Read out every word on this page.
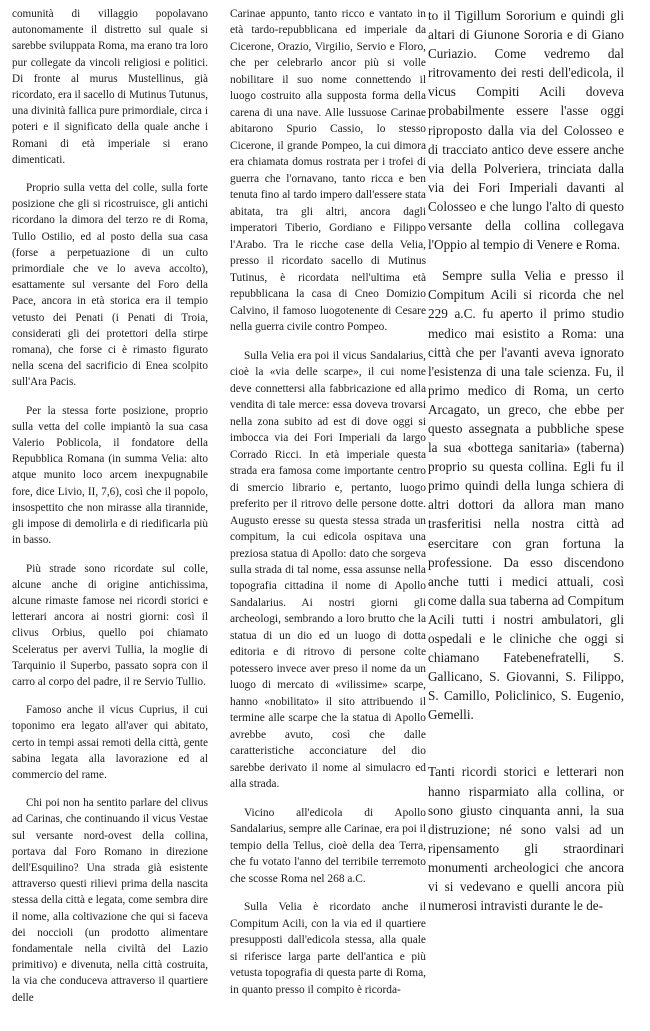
comunità di villaggio popolavano autonomamente il distretto sul quale si sarebbe sviluppata Roma, ma erano tra loro pur collegate da vincoli religiosi e politici. Di fronte al murus Mustellinus, già ricordato, era il sacello di Mutinus Tutunus, una divinità fallica pure primordiale, circa i poteri e il significato della quale anche i Romani di età imperiale si erano dimenticati.

Proprio sulla vetta del colle, sulla forte posizione che gli si ricostruisce, gli antichi ricordano la dimora del terzo re di Roma, Tullo Ostilio, ed al posto della sua casa (forse a perpetuazione di un culto primordiale che ve lo aveva accolto), esattamente sul versante del Foro della Pace, ancora in età storica era il tempio vetusto dei Penati (i Penati di Troia, considerati gli dei protettori della stirpe romana), che forse ci è rimasto figurato nella scena del sacrificio di Enea scolpito sull'Ara Pacis.

Per la stessa forte posizione, proprio sulla vetta del colle impiantò la sua casa Valerio Poblicola, il fondatore della Repubblica Romana (in summa Velia: alto atque munito loco arcem inexpugnabile fore, dice Livio, II, 7,6), così che il popolo, insospettito che non mirasse alla tirannide, gli impose di demolirla e di riedificarla più in basso.

Più strade sono ricordate sul colle, alcune anche di origine antichissima, alcune rimaste famose nei ricordi storici e letterari ancora ai nostri giorni: così il clivus Orbius, quello poi chiamato Sceleratus per avervi Tullia, la moglie di Tarquinio il Superbo, passato sopra con il carro al corpo del padre, il re Servio Tullio.

Famoso anche il vicus Cuprius, il cui toponimo era legato all'aver qui abitato, certo in tempi assai remoti della città, gente sabina legata alla lavorazione ed al commercio del rame.

Chi poi non ha sentito parlare del clivus ad Carinas, che continuando il vicus Vestae sul versante nord-ovest della collina, portava dal Foro Romano in direzione dell'Esquilino? Una strada già esistente attraverso questi rilievi prima della nascita stessa della città e legata, come sembra dire il nome, alla coltivazione che qui si faceva dei noccioli (un prodotto alimentare fondamentale nella civiltà del Lazio primitivo) e divenuta, nella città costruita, la via che conduceva attraverso il quartiere delle

Carinae appunto, tanto ricco e vantato in età tardo-repubblicana ed imperiale da Cicerone, Orazio, Virgilio, Servio e Floro, che per celebrarlo ancor più si volle nobilitare il suo nome connettendo il luogo costruito alla supposta forma della carena di una nave. Alle lussuose Carinae abitarono Spurio Cassio, lo stesso Cicerone, il grande Pompeo, la cui dimora era chiamata domus rostrata per i trofei di guerra che l'ornavano, tanto ricca e ben tenuta fino al tardo impero dall'essere stata abitata, tra gli altri, ancora dagli imperatori Tiberio, Gordiano e Filippo l'Arabo. Tra le ricche case della Velia, presso il ricordato sacello di Mutinus Tutinus, è ricordata nell'ultima età repubblicana la casa di Cneo Domizio Calvino, il famoso luogotenente di Cesare nella guerra civile contro Pompeo.

Sulla Velia era poi il vicus Sandalarius, cioè la «via delle scarpe», il cui nome deve connettersi alla fabbricazione ed alla vendita di tale merce: essa doveva trovarsi nella zona subito ad est di dove oggi si imbocca via dei Fori Imperiali da largo Corrado Ricci. In età imperiale questa strada era famosa come importante centro di smercio librario e, pertanto, luogo preferito per il ritrovo delle persone dotte. Augusto eresse su questa stessa strada un compitum, la cui edicola ospitava una preziosa statua di Apollo: dato che sorgeva sulla strada di tal nome, essa assunse nella topografia cittadina il nome di Apollo Sandalarius. Ai nostri giorni gli archeologi, sembrando a loro brutto che la statua di un dio ed un luogo di dotta editoria e di ritrovo di persone colte potessero invece aver preso il nome da un luogo di mercato di «vilissime» scarpe, hanno «nobilitato» il sito attribuendo il termine alle scarpe che la statua di Apollo avrebbe avuto, così che dalle caratteristiche acconciature del dio sarebbe derivato il nome al simulacro ed alla strada.

Vicino all'edicola di Apollo Sandalarius, sempre alle Carinae, era poi il tempio della Tellus, cioè della dea Terra, che fu votato l'anno del terribile terremoto che scosse Roma nel 268 a.C.

Sulla Velia è ricordato anche il Compitum Acili, con la via ed il quartiere presupposti dall'edicola stessa, alla quale si riferisce larga parte dell'antica e più vetusta topografia di questa parte di Roma, in quanto presso il compito è ricorda-

to il Tigillum Sororium e quindi gli altari di Giunone Sororia e di Giano Curiazio. Come vedremo dal ritrovamento dei resti dell'edicola, il vicus Compiti Acili doveva probabilmente essere l'asse oggi riproposto dalla via del Colosseo e di tracciato antico deve essere anche via della Polveriera, trinciata dalla via dei Fori Imperiali davanti al Colosseo e che lungo l'alto di questo versante della collina collegava l'Oppio al tempio di Venere e Roma.

Sempre sulla Velia e presso il Compitum Acili si ricorda che nel 229 a.C. fu aperto il primo studio medico mai esistito a Roma: una città che per l'avanti aveva ignorato l'esistenza di una tale scienza. Fu, il primo medico di Roma, un certo Arcagato, un greco, che ebbe per questo assegnata a pubbliche spese la sua «bottega sanitaria» (taberna) proprio su questa collina. Egli fu il primo quindi della lunga schiera di altri dottori da allora man mano trasferitisi nella nostra città ad esercitare con gran fortuna la professione. Da esso discendono anche tutti i medici attuali, così come dalla sua taberna ad Compitum Acili tutti i nostri ambulatori, gli ospedali e le cliniche che oggi si chiamano Fatebenefratelli, S. Gallicano, S. Giovanni, S. Filippo, S. Camillo, Policlinico, S. Eugenio, Gemelli.

Tanti ricordi storici e letterari non hanno risparmiato alla collina, or sono giusto cinquanta anni, la sua distruzione; né sono valsi ad un ripensamento gli straordinari monumenti archeologici che ancora vi si vedevano e quelli ancora più numerosi intravisti durante le de-
